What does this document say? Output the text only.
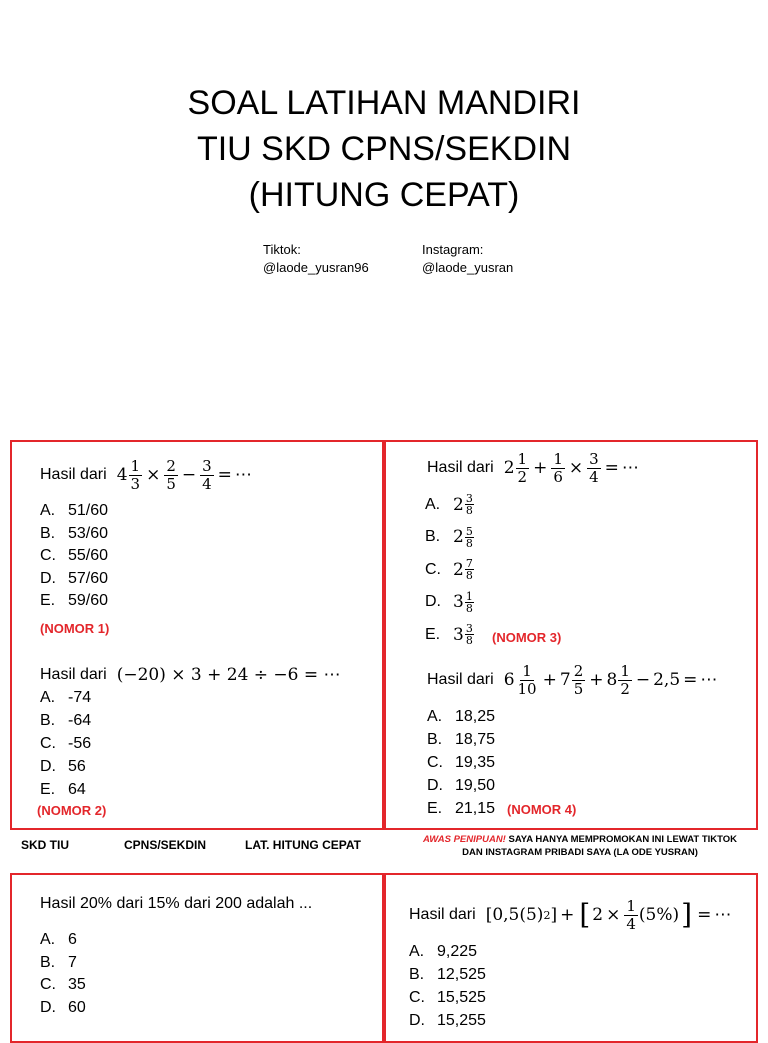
SOAL LATIHAN MANDIRI
TIU SKD CPNS/SEKDIN
(HITUNG CEPAT)
Tiktok:
@laode_yusran96
Instagram:
@laode_yusran
Hasil dari $4 \frac{1}{3} \times \frac{2}{5} - \frac{3}{4}$ = ⋯
A. 51/60
B. 53/60
C. 55/60
D. 57/60
E. 59/60
(NOMOR 1)
Hasil dari (−20) × 3 + 24 ÷ −6 = ⋯
A. -74
B. -64
C. -56
D. 56
E. 64
(NOMOR 2)
Hasil dari $2 \frac{1}{2} + \frac{1}{6} \times \frac{3}{4}$ = ⋯
A. $2 \frac{3}{8}$
B. $2 \frac{5}{8}$
C. $2 \frac{7}{8}$
D. $3 \frac{1}{8}$
E. $3 \frac{3}{8}$ (NOMOR 3)
Hasil dari $6 \frac{1}{10} + 7 \frac{2}{5} + 8 \frac{1}{2} - 2,5$ = ⋯
A. 18,25
B. 18,75
C. 19,35
D. 19,50
E. 21,15 (NOMOR 4)
SKD TIU	CPNS/SEKDIN	LAT. HITUNG CEPAT	AWAS PENIPUAN! SAYA HANYA MEMPROMOKAN INI LEWAT TIKTOK
DAN INSTAGRAM PRIBADI SAYA (LA ODE YUSRAN)
Hasil 20% dari 15% dari 200 adalah ...
A. 6
B. 7
C. 35
D. 60
Hasil dari [0,5(5) 2 ] + [ $2 \times \frac{1}{4} (5\%)$ ] = ⋯
A. 9,225
B. 12,525
C. 15,525
D. 15,255
